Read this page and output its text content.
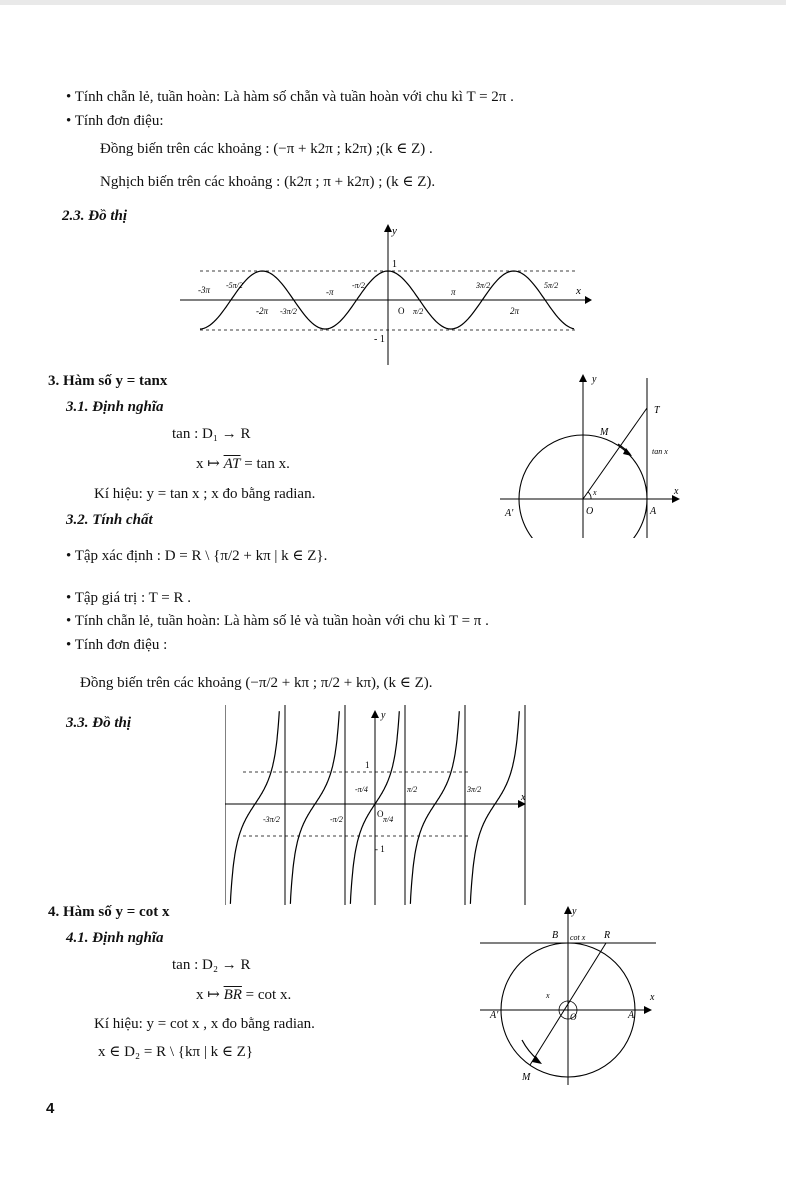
• Tính chẵn lẻ, tuần hoàn: Là hàm số chẵn và tuần hoàn với chu kì T = 2π .
• Tính đơn điệu:
Đồng biến trên các khoảng : (−π + k2π ; k2π) ;(k ∈ Z) .
Nghịch biến trên các khoảng : (k2π ; π + k2π) ; (k ∈ Z).
2.3. Đồ thị
y
x
1
- 1
O
-3π -5π/2
-2π -3π/2
-π
-π/2
π/2
π
3π/2
2π
5π/2
3. Hàm số y = tanx
3.1. Định nghĩa
tan : D₁ → R
x ↦ $\overline{AT} = \tan x$.
Kí hiệu: y = tan x ; x đo bằng radian.
3.2. Tính chất
• Tập xác định : D = R \ {π/2 + kπ | k ∈ Z}.
• Tập giá trị : T = R .
• Tính chẵn lẻ, tuần hoàn: Là hàm số lẻ và tuần hoàn với chu kì T = π .
• Tính đơn điệu :
Đồng biến trên các khoảng (−π/2 + kπ ; π/2 + kπ), (k ∈ Z).
3.3. Đồ thị
y
x
T
M
tan x
A
A'	O
x
y
x
1
- 1
O
-3π/2	-π/2
-π/4
π/4
π/2	3π/2
4. Hàm số y = cot x
4.1. Định nghĩa
tan : D₂ → R
x ↦ $\overline{BR} = \cot x$.
Kí hiệu: y = cot x , x đo bằng radian.
x ∈ D₂ = R \ {kπ | k ∈ Z}
y
x
B cot x R
A
A'	O
M
x
4
